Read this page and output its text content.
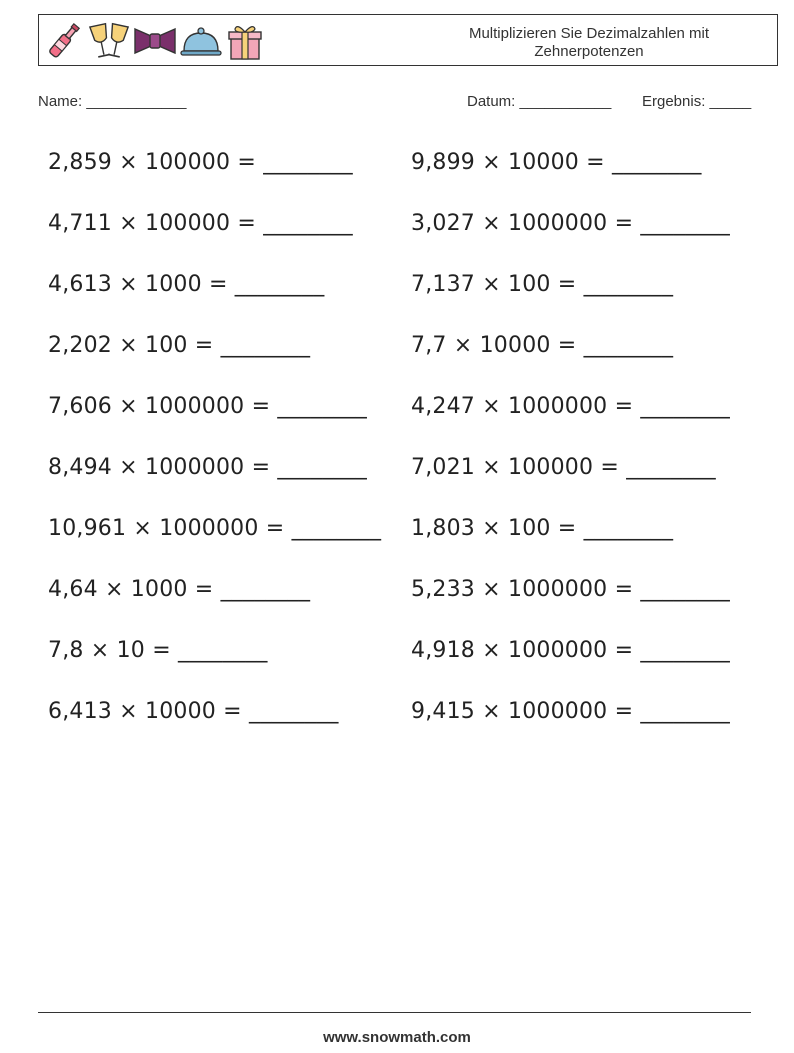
Multiplizieren Sie Dezimalzahlen mit
Zehnerpotenzen
Name: ____________	Datum: ___________ Ergebnis: _____
2,859 × 100000 = ________
4,711 × 100000 = ________
4,613 × 1000 = ________
2,202 × 100 = ________
7,606 × 1000000 = ________
8,494 × 1000000 = ________
10,961 × 1000000 = ________
4,64 × 1000 = ________
7,8 × 10 = ________
6,413 × 10000 = ________
9,899 × 10000 = ________
3,027 × 1000000 = ________
7,137 × 100 = ________
7,7 × 10000 = ________
4,247 × 1000000 = ________
7,021 × 100000 = ________
1,803 × 100 = ________
5,233 × 1000000 = ________
4,918 × 1000000 = ________
9,415 × 1000000 = ________
www.snowmath.com
